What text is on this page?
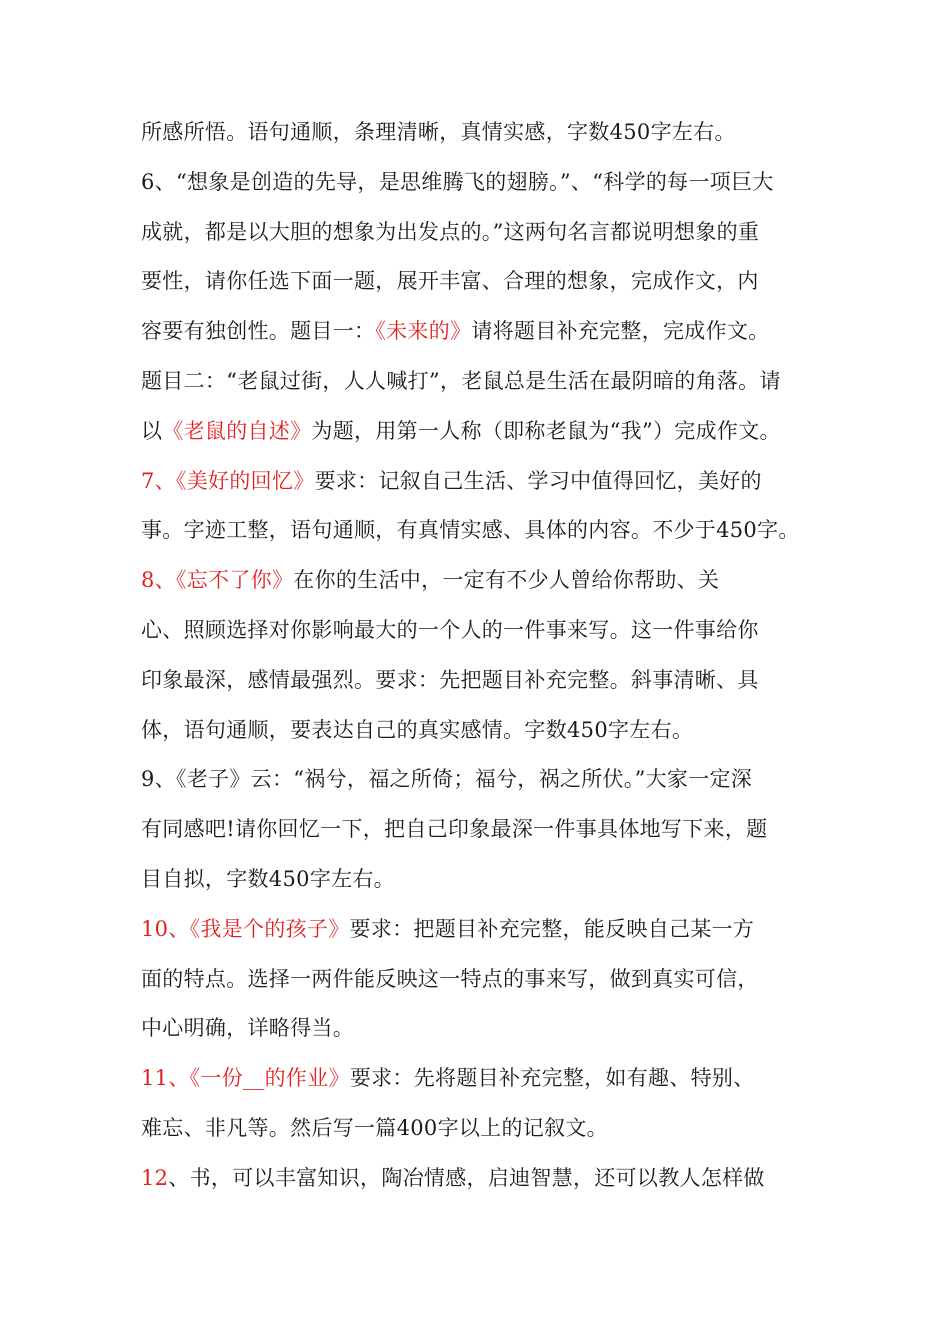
所感所悟。语句通顺，条理清晰，真情实感，字数450字左右。
6、“想象是创造的先导，是思维腾飞的翅膀。”、“科学的每一项巨大
成就，都是以大胆的想象为出发点的。”这两句名言都说明想象的重
要性，请你任选下面一题，展开丰富、合理的想象，完成作文，内
容要有独创性。题目一：《未来的》请将题目补充完整，完成作文。
题目二：“老鼠过街，人人喊打”，老鼠总是生活在最阴暗的角落。请
以《老鼠的自述》为题，用第一人称（即称老鼠为“我”）完成作文。
7、《美好的回忆》要求：记叙自己生活、学习中值得回忆，美好的
事。字迹工整，语句通顺，有真情实感、具体的内容。不少于450字。
8、《忘不了你》在你的生活中，一定有不少人曾给你帮助、关
心、照顾选择对你影响最大的一个人的一件事来写。这一件事给你
印象最深，感情最强烈。要求：先把题目补充完整。斜事清晰、具
体，语句通顺，要表达自己的真实感情。字数450字左右。
9、《老子》云：“祸兮，福之所倚；福兮，祸之所伏。”大家一定深
有同感吧!请你回忆一下，把自己印象最深一件事具体地写下来，题
目自拟，字数450字左右。
10、《我是个的孩子》要求：把题目补充完整，能反映自己某一方
面的特点。选择一两件能反映这一特点的事来写，做到真实可信，
中心明确，详略得当。
11、《一份__的作业》要求：先将题目补充完整，如有趣、特别、
难忘、非凡等。然后写一篇400字以上的记叙文。
12、书，可以丰富知识，陶冶情感，启迪智慧，还可以教人怎样做
